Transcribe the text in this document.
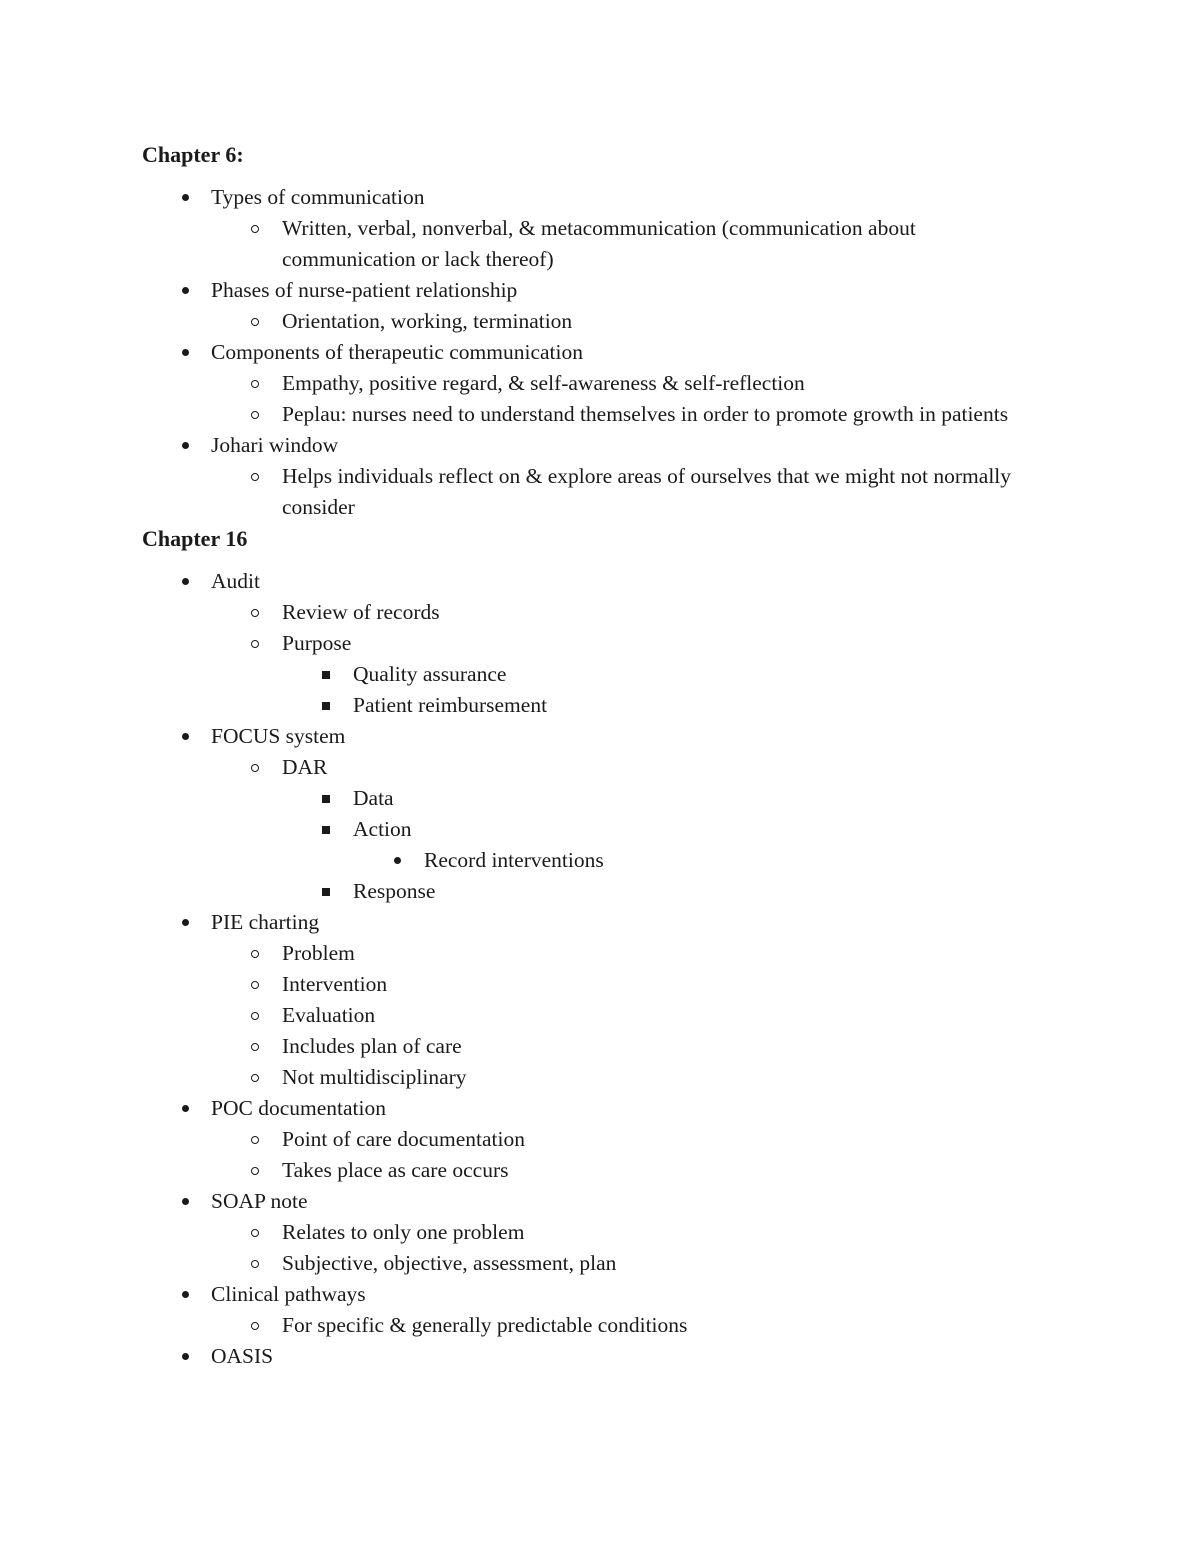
Chapter 6:
Types of communication
Written, verbal, nonverbal, & metacommunication (communication about communication or lack thereof)
Phases of nurse-patient relationship
Orientation, working, termination
Components of therapeutic communication
Empathy, positive regard, & self-awareness & self-reflection
Peplau: nurses need to understand themselves in order to promote growth in patients
Johari window
Helps individuals reflect on & explore areas of ourselves that we might not normally consider
Chapter 16
Audit
Review of records
Purpose
Quality assurance
Patient reimbursement
FOCUS system
DAR
Data
Action
Record interventions
Response
PIE charting
Problem
Intervention
Evaluation
Includes plan of care
Not multidisciplinary
POC documentation
Point of care documentation
Takes place as care occurs
SOAP note
Relates to only one problem
Subjective, objective, assessment, plan
Clinical pathways
For specific & generally predictable conditions
OASIS
